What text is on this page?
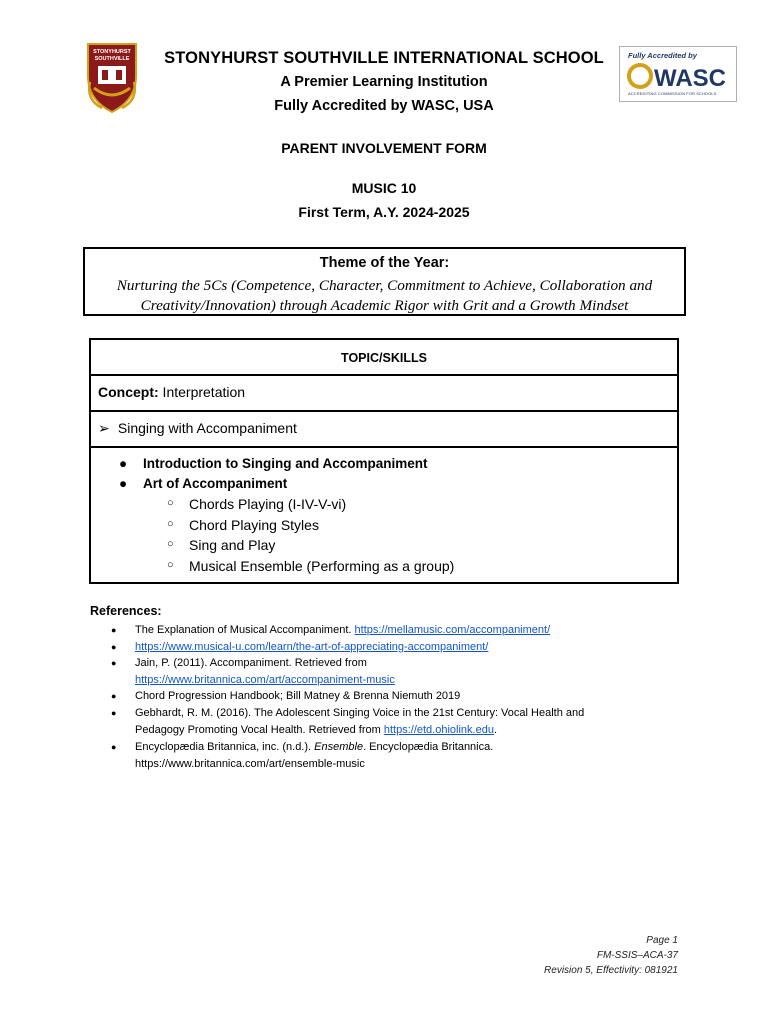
STONYHURST
SOUTHVILLE	Fully Accredited by
WASC
ACCREDITING COMMISSION FOR SCHOOLS
STONYHURST SOUTHVILLE INTERNATIONAL SCHOOL
A Premier Learning Institution
Fully Accredited by WASC, USA
PARENT INVOLVEMENT FORM
MUSIC 10
First Term, A.Y. 2024-2025
Theme of the Year:
Nurturing the 5Cs (Competence, Character, Commitment to Achieve, Collaboration and
Creativity/Innovation) through Academic Rigor with Grit and a Growth Mindset
TOPIC/SKILLS
Concept: Interpretation
➢ Singing with Accompaniment
● Introduction to Singing and Accompaniment
● Art of Accompaniment
○ Chords Playing (I-IV-V-vi)
○ Chord Playing Styles
○ Sing and Play
○ Musical Ensemble (Performing as a group)
References:
● The Explanation of Musical Accompaniment. https://mellamusic.com/accompaniment/
● https://www.musical-u.com/learn/the-art-of-appreciating-accompaniment/
● Jain, P. (2011). Accompaniment. Retrieved from
https://www.britannica.com/art/accompaniment-music
● Chord Progression Handbook; Bill Matney & Brenna Niemuth 2019
● Gebhardt, R. M. (2016). The Adolescent Singing Voice in the 21st Century: Vocal Health and
Pedagogy Promoting Vocal Health. Retrieved from https://etd.ohiolink.edu.
● Encyclopædia Britannica, inc. (n.d.). Ensemble. Encyclopædia Britannica.
https://www.britannica.com/art/ensemble-music
Page 1
FM-SSIS–ACA-37
Revision 5, Effectivity: 081921
